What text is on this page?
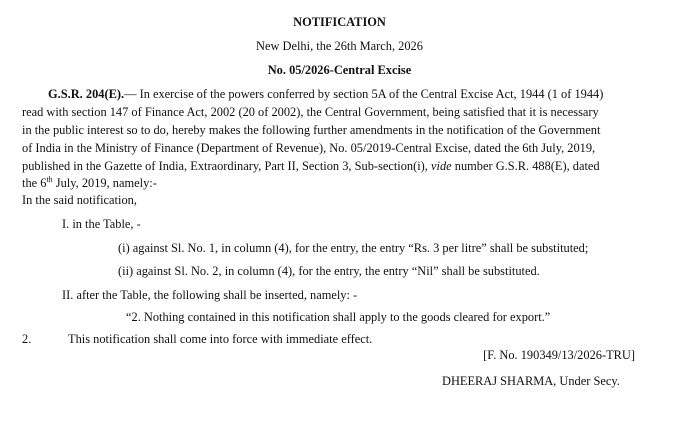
NOTIFICATION
New Delhi, the 26th March, 2026
No. 05/2026-Central Excise
G.S.R. 204(E).— In exercise of the powers conferred by section 5A of the Central Excise Act, 1944 (1 of 1944)
read with section 147 of Finance Act, 2002 (20 of 2002), the Central Government, being satisfied that it is necessary
in the public interest so to do, hereby makes the following further amendments in the notification of the Government
of India in the Ministry of Finance (Department of Revenue), No. 05/2019-Central Excise, dated the 6th July, 2019,
published in the Gazette of India, Extraordinary, Part II, Section 3, Sub-section(i), vide number G.S.R. 488(E), dated
the 6th July, 2019, namely:-
In the said notification,
I. in the Table, -
(i) against Sl. No. 1, in column (4), for the entry, the entry “Rs. 3 per litre” shall be substituted;
(ii) against Sl. No. 2, in column (4), for the entry, the entry “Nil” shall be substituted.
II. after the Table, the following shall be inserted, namely: -
“2. Nothing contained in this notification shall apply to the goods cleared for export.”
2.	This notification shall come into force with immediate effect.
[F. No. 190349/13/2026-TRU]
DHEERAJ SHARMA, Under Secy.
